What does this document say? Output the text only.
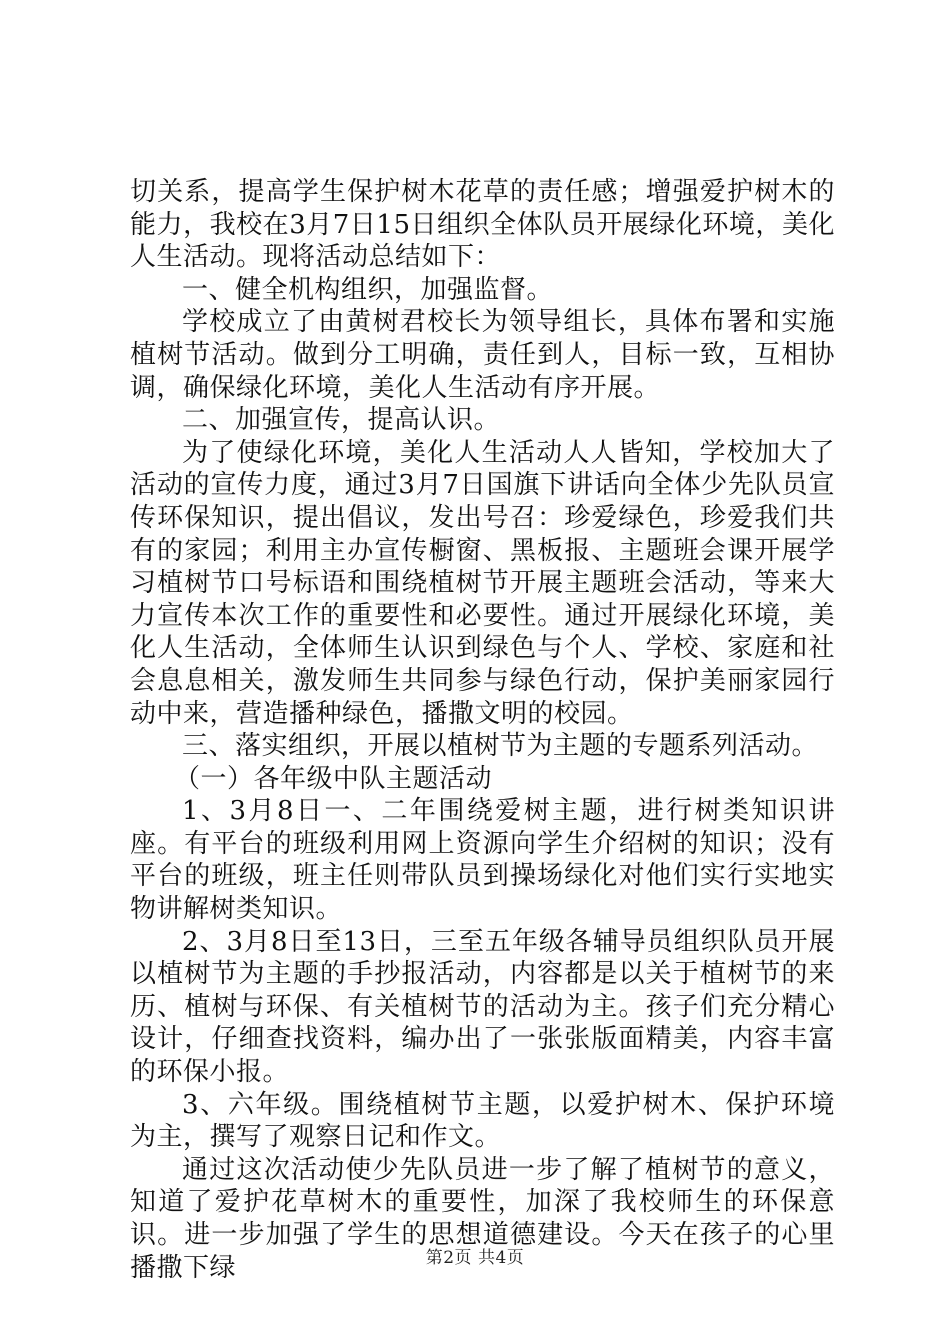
切关系，提高学生保护树木花草的责任感；增强爱护树木的能力，我校在3月7日15日组织全体队员开展绿化环境，美化人生活动。现将活动总结如下：

一、健全机构组织，加强监督。

学校成立了由黄树君校长为领导组长，具体布署和实施植树节活动。做到分工明确，责任到人，目标一致，互相协调，确保绿化环境，美化人生活动有序开展。

二、加强宣传，提高认识。

为了使绿化环境，美化人生活动人人皆知，学校加大了活动的宣传力度，通过3月7日国旗下讲话向全体少先队员宣传环保知识，提出倡议，发出号召：珍爱绿色，珍爱我们共有的家园；利用主办宣传橱窗、黑板报、主题班会课开展学习植树节口号标语和围绕植树节开展主题班会活动，等来大力宣传本次工作的重要性和必要性。通过开展绿化环境，美化人生活动，全体师生认识到绿色与个人、学校、家庭和社会息息相关，激发师生共同参与绿色行动，保护美丽家园行动中来，营造播种绿色，播撒文明的校园。

三、落实组织，开展以植树节为主题的专题系列活动。

（一）各年级中队主题活动

1、3月8日一、二年围绕爱树主题，进行树类知识讲座。有平台的班级利用网上资源向学生介绍树的知识；没有平台的班级，班主任则带队员到操场绿化对他们实行实地实物讲解树类知识。

2、3月8日至13日，三至五年级各辅导员组织队员开展以植树节为主题的手抄报活动，内容都是以关于植树节的来历、植树与环保、有关植树节的活动为主。孩子们充分精心设计，仔细查找资料，编办出了一张张版面精美，内容丰富的环保小报。

3、六年级。围绕植树节主题，以爱护树木、保护环境为主，撰写了观察日记和作文。

通过这次活动使少先队员进一步了解了植树节的意义，知道了爱护花草树木的重要性，加深了我校师生的环保意识。进一步加强了学生的思想道德建设。今天在孩子的心里播撒下绿	第2页 共4页
